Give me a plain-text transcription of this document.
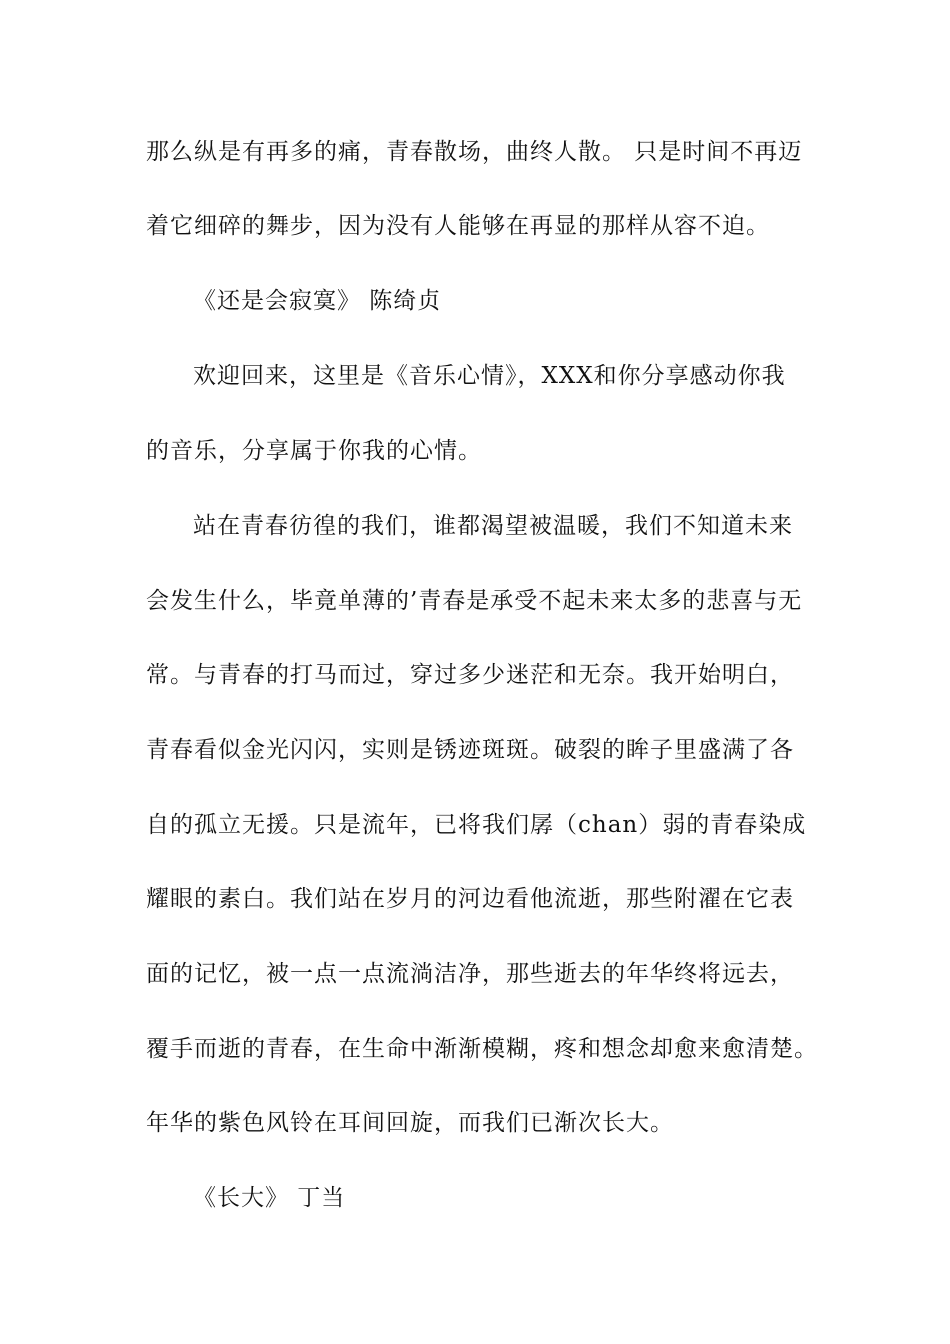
那么纵是有再多的痛，青春散场，曲终人散。 只是时间不再迈
着它细碎的舞步，因为没有人能够在再显的那样从容不迫。
《还是会寂寞》 陈绮贞
欢迎回来，这里是《音乐心情》，XXX和你分享感动你我
的音乐，分享属于你我的心情。
站在青春彷徨的我们，谁都渴望被温暖，我们不知道未来
会发生什么，毕竟单薄的’青春是承受不起未来太多的悲喜与无
常。与青春的打马而过，穿过多少迷茫和无奈。我开始明白，
青春看似金光闪闪，实则是锈迹斑斑。破裂的眸子里盛满了各
自的孤立无援。只是流年，已将我们孱（chan）弱的青春染成
耀眼的素白。我们站在岁月的河边看他流逝，那些附濯在它表
面的记忆，被一点一点流淌洁净，那些逝去的年华终将远去，
覆手而逝的青春，在生命中渐渐模糊，疼和想念却愈来愈清楚。
年华的紫色风铃在耳间回旋，而我们已渐次长大。
《长大》 丁当
